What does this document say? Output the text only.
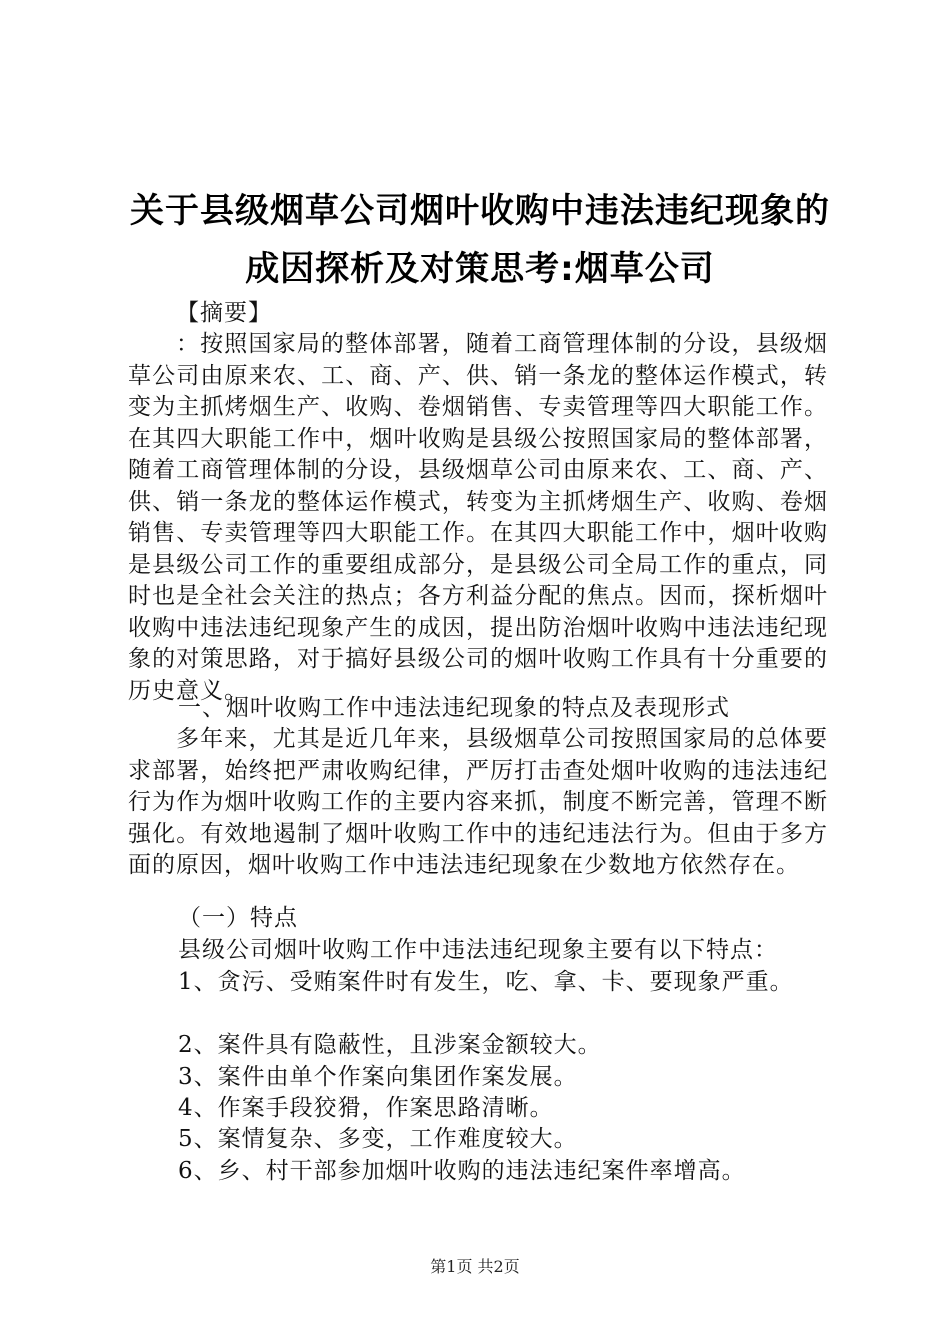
关于县级烟草公司烟叶收购中违法违纪现象的
成因探析及对策思考:烟草公司
【摘要】

：按照国家局的整体部署，随着工商管理体制的分设，县级烟草公司由原来农、工、商、产、供、销一条龙的整体运作模式，转变为主抓烤烟生产、收购、卷烟销售、专卖管理等四大职能工作。在其四大职能工作中，烟叶收购是县级公按照国家局的整体部署，随着工商管理体制的分设，县级烟草公司由原来农、工、商、产、供、销一条龙的整体运作模式，转变为主抓烤烟生产、收购、卷烟销售、专卖管理等四大职能工作。在其四大职能工作中，烟叶收购是县级公司工作的重要组成部分，是县级公司全局工作的重点，同时也是全社会关注的热点；各方利益分配的焦点。因而，探析烟叶收购中违法违纪现象产生的成因，提出防治烟叶收购中违法违纪现象的对策思路，对于搞好县级公司的烟叶收购工作具有十分重要的历史意义。

一、烟叶收购工作中违法违纪现象的特点及表现形式

多年来，尤其是近几年来，县级烟草公司按照国家局的总体要求部署，始终把严肃收购纪律，严厉打击查处烟叶收购的违法违纪行为作为烟叶收购工作的主要内容来抓，制度不断完善，管理不断强化。有效地遏制了烟叶收购工作中的违纪违法行为。但由于多方面的原因，烟叶收购工作中违法违纪现象在少数地方依然存在。

（一）特点
县级公司烟叶收购工作中违法违纪现象主要有以下特点：
1、贪污、受贿案件时有发生，吃、拿、卡、要现象严重。
2、案件具有隐蔽性，且涉案金额较大。
3、案件由单个作案向集团作案发展。
4、作案手段狡猾，作案思路清晰。
5、案情复杂、多变，工作难度较大。
6、乡、村干部参加烟叶收购的违法违纪案件率增高。
第1页 共2页
